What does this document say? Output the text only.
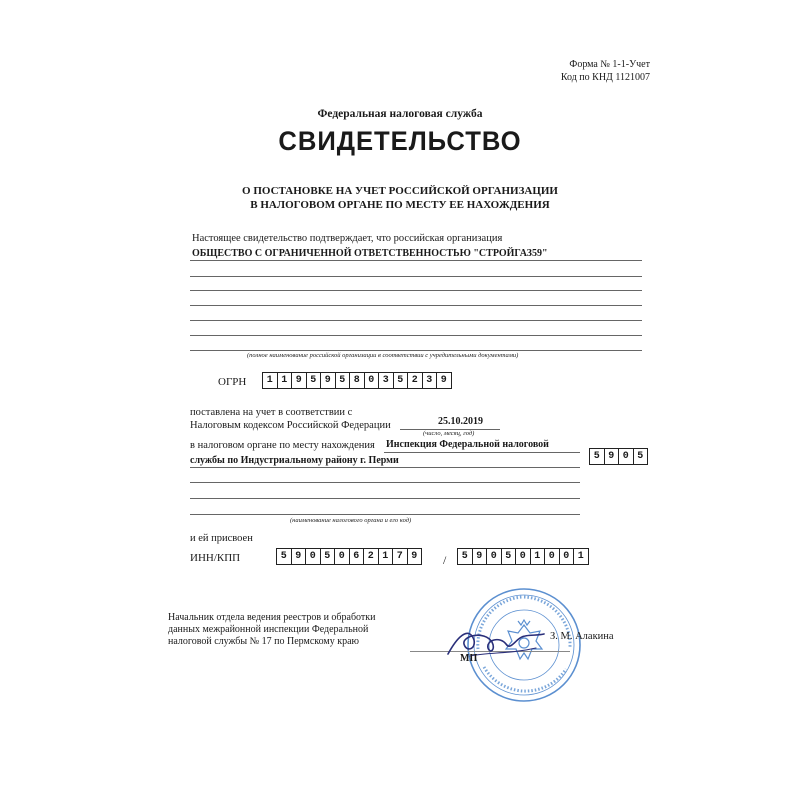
Форма № 1-1-Учет
Код по КНД 1121007
Федеральная налоговая служба
СВИДЕТЕЛЬСТВО
О ПОСТАНОВКЕ НА УЧЕТ РОССИЙСКОЙ ОРГАНИЗАЦИИ
В НАЛОГОВОМ ОРГАНЕ ПО МЕСТУ ЕЕ НАХОЖДЕНИЯ
Настоящее свидетельство подтверждает, что российская организация
ОБЩЕСТВО С ОГРАНИЧЕННОЙ ОТВЕТСТВЕННОСТЬЮ "СТРОЙГАЗ59"
(полное наименование российской организации в соответствии с учредительными документами)
ОГРН	1 1 9 5 9 5 8 0 3 5 2 3 9
поставлена на учет в соответствии с
Налоговым кодексом Российской Федерации	25.10.2019
(число, месяц, год)
в налоговом органе по месту нахождения Инспекция Федеральной налоговой
службы по Индустриальному району г. Перми	5 9 0 5
(наименование налогового органа и его код)
и ей присвоен
ИНН/КПП	5 9 0 5 0 6 2 1 7 9	/	5 9 0 5 0 1 0 0 1
Начальник отдела ведения реестров и обработки
данных межрайонной инспекции Федеральной
налоговой службы № 17 по Пермскому краю	З. М. Алакина
МП
